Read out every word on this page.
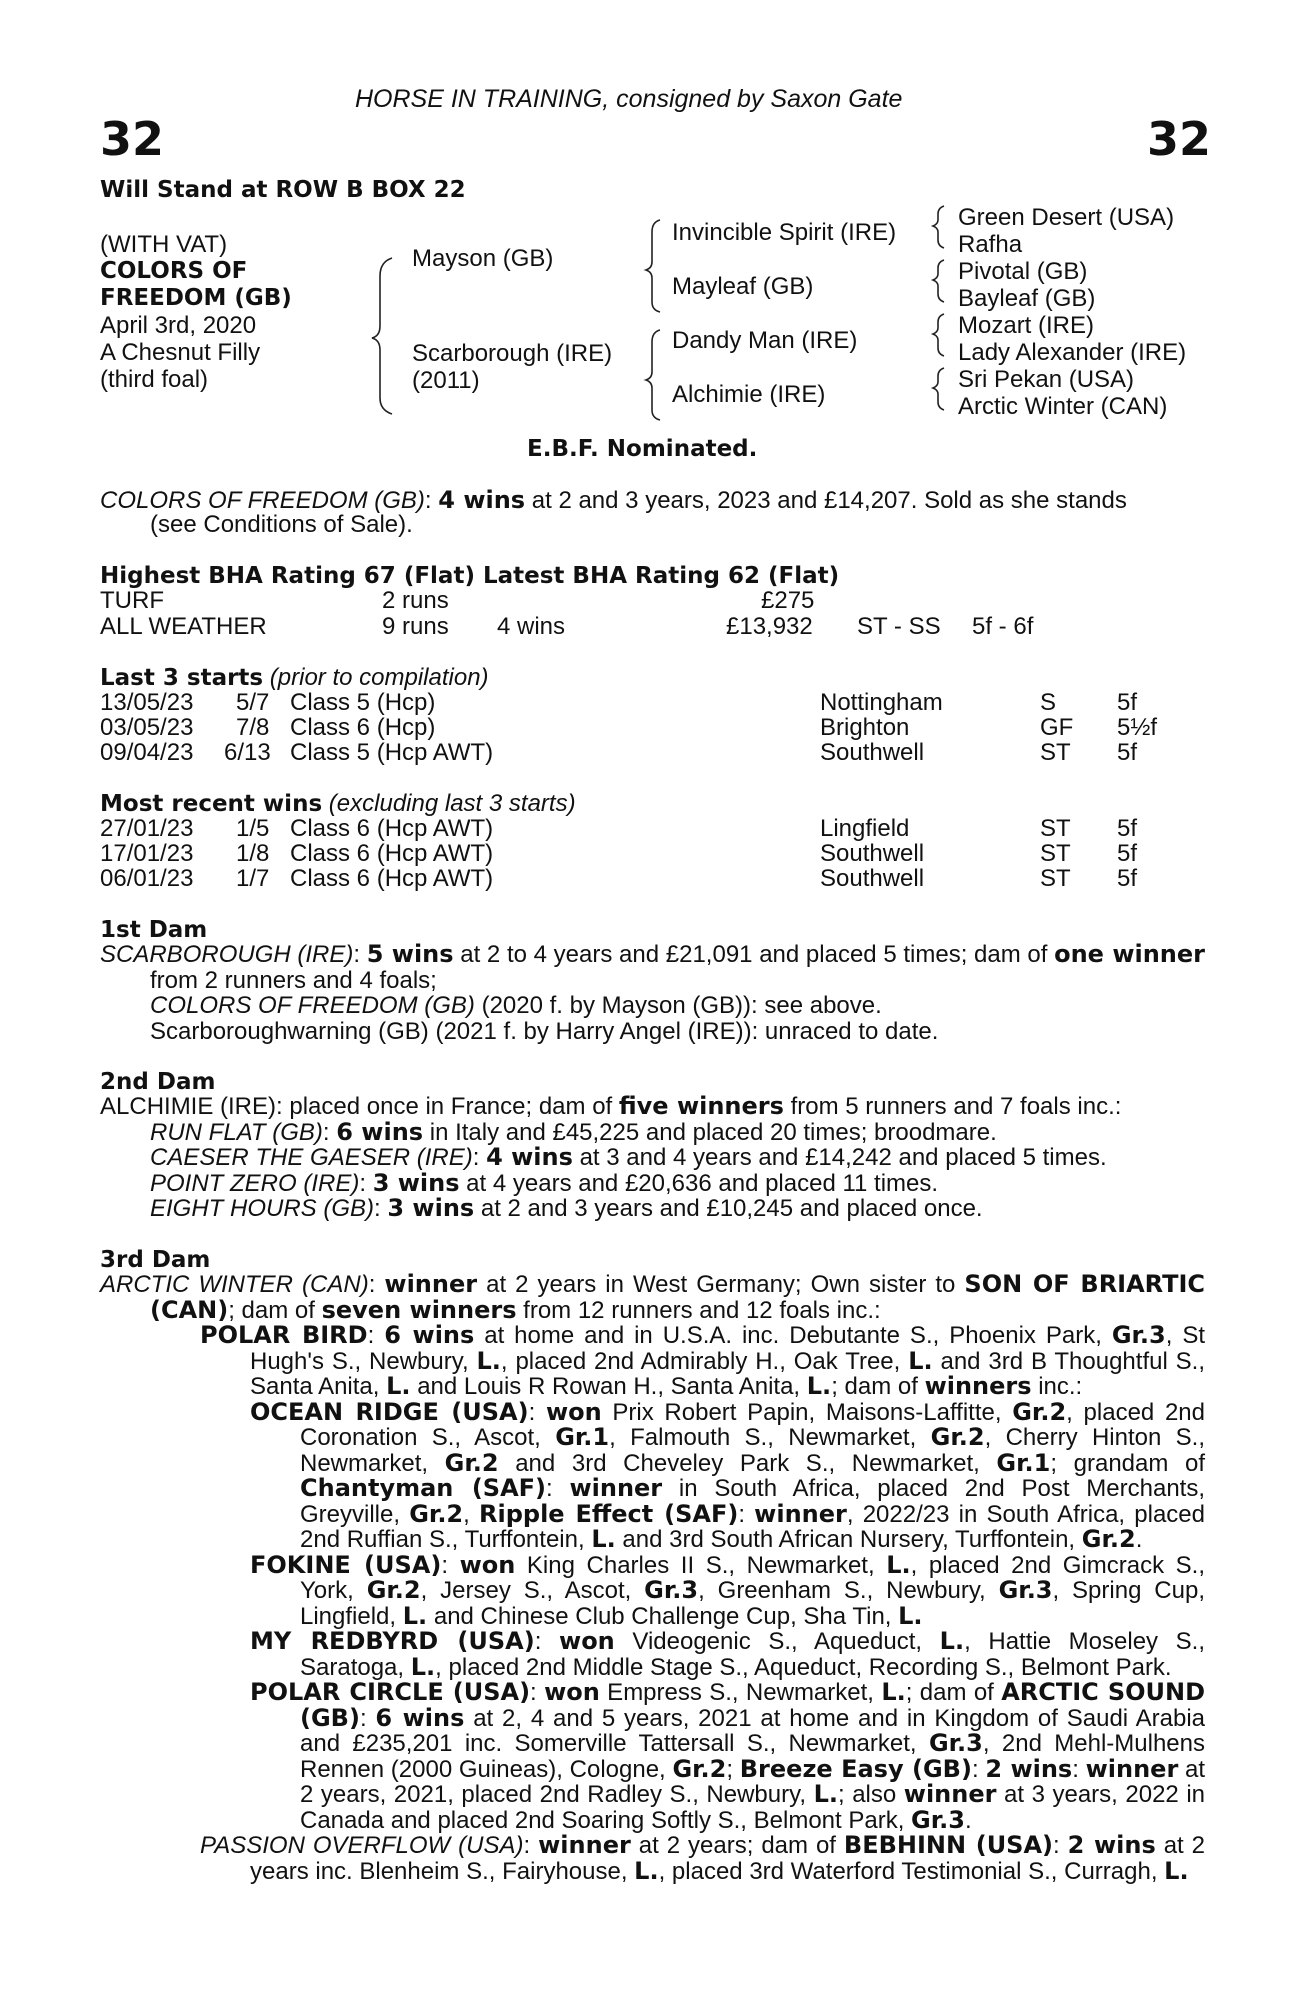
HORSE IN TRAINING, consigned by Saxon Gate
32	32
Will Stand at ROW B BOX 22
(WITH VAT)
COLORS OF
FREEDOM (GB)
April 3rd, 2020
A Chesnut Filly
(third foal)
Mayson (GB)
Scarborough (IRE)
(2011)
Invincible Spirit (IRE)
Mayleaf (GB)
Dandy Man (IRE)
Alchimie (IRE)
Green Desert (USA)
Rafha
Pivotal (GB)
Bayleaf (GB)
Mozart (IRE)
Lady Alexander (IRE)
Sri Pekan (USA)
Arctic Winter (CAN)
E.B.F. Nominated.
COLORS OF FREEDOM (GB): 4 wins at 2 and 3 years, 2023 and £14,207. Sold as she stands
(see Conditions of Sale).
Highest BHA Rating 67 (Flat) Latest BHA Rating 62 (Flat)
TURF	2 runs	£275
ALL WEATHER	9 runs 4 wins	£13,932 ST - SS 5f - 6f
Last 3 starts (prior to compilation)
13/05/23 5/7 Class 5 (Hcp)	Nottingham	S	5f
03/05/23 7/8 Class 6 (Hcp)	Brighton	GF 5½f
09/04/23 6/13 Class 5 (Hcp AWT)	Southwell	ST 5f
Most recent wins (excluding last 3 starts)
27/01/23 1/5 Class 6 (Hcp AWT)	Lingfield	ST 5f
17/01/23 1/8 Class 6 (Hcp AWT)	Southwell	ST 5f
06/01/23 1/7 Class 6 (Hcp AWT)	Southwell	ST 5f
1st Dam
SCARBOROUGH (IRE): 5 wins at 2 to 4 years and £21,091 and placed 5 times; dam of one winner from 2 runners and 4 foals;
COLORS OF FREEDOM (GB) (2020 f. by Mayson (GB)): see above.
Scarboroughwarning (GB) (2021 f. by Harry Angel (IRE)): unraced to date.
2nd Dam
ALCHIMIE (IRE): placed once in France; dam of five winners from 5 runners and 7 foals inc.:
RUN FLAT (GB): 6 wins in Italy and £45,225 and placed 20 times; broodmare.
CAESER THE GAESER (IRE): 4 wins at 3 and 4 years and £14,242 and placed 5 times.
POINT ZERO (IRE): 3 wins at 4 years and £20,636 and placed 11 times.
EIGHT HOURS (GB): 3 wins at 2 and 3 years and £10,245 and placed once.
3rd Dam
ARCTIC WINTER (CAN): winner at 2 years in West Germany; Own sister to SON OF BRIARTIC (CAN); dam of seven winners from 12 runners and 12 foals inc.:
POLAR BIRD: 6 wins at home and in U.S.A. inc. Debutante S., Phoenix Park, Gr.3, St Hugh's S., Newbury, L., placed 2nd Admirably H., Oak Tree, L. and 3rd B Thoughtful S., Santa Anita, L. and Louis R Rowan H., Santa Anita, L.; dam of winners inc.:
OCEAN RIDGE (USA): won Prix Robert Papin, Maisons-Laffitte, Gr.2, placed 2nd Coronation S., Ascot, Gr.1, Falmouth S., Newmarket, Gr.2, Cherry Hinton S., Newmarket, Gr.2 and 3rd Cheveley Park S., Newmarket, Gr.1; grandam of Chantyman (SAF): winner in South Africa, placed 2nd Post Merchants, Greyville, Gr.2, Ripple Effect (SAF): winner, 2022/23 in South Africa, placed 2nd Ruffian S., Turffontein, L. and 3rd South African Nursery, Turffontein, Gr.2.
FOKINE (USA): won King Charles II S., Newmarket, L., placed 2nd Gimcrack S., York, Gr.2, Jersey S., Ascot, Gr.3, Greenham S., Newbury, Gr.3, Spring Cup, Lingfield, L. and Chinese Club Challenge Cup, Sha Tin, L.
MY REDBYRD (USA): won Videogenic S., Aqueduct, L., Hattie Moseley S., Saratoga, L., placed 2nd Middle Stage S., Aqueduct, Recording S., Belmont Park.
POLAR CIRCLE (USA): won Empress S., Newmarket, L.; dam of ARCTIC SOUND (GB): 6 wins at 2, 4 and 5 years, 2021 at home and in Kingdom of Saudi Arabia and £235,201 inc. Somerville Tattersall S., Newmarket, Gr.3, 2nd Mehl-Mulhens Rennen (2000 Guineas), Cologne, Gr.2; Breeze Easy (GB): 2 wins: winner at 2 years, 2021, placed 2nd Radley S., Newbury, L.; also winner at 3 years, 2022 in Canada and placed 2nd Soaring Softly S., Belmont Park, Gr.3.
PASSION OVERFLOW (USA): winner at 2 years; dam of BEBHINN (USA): 2 wins at 2 years inc. Blenheim S., Fairyhouse, L., placed 3rd Waterford Testimonial S., Curragh, L.
